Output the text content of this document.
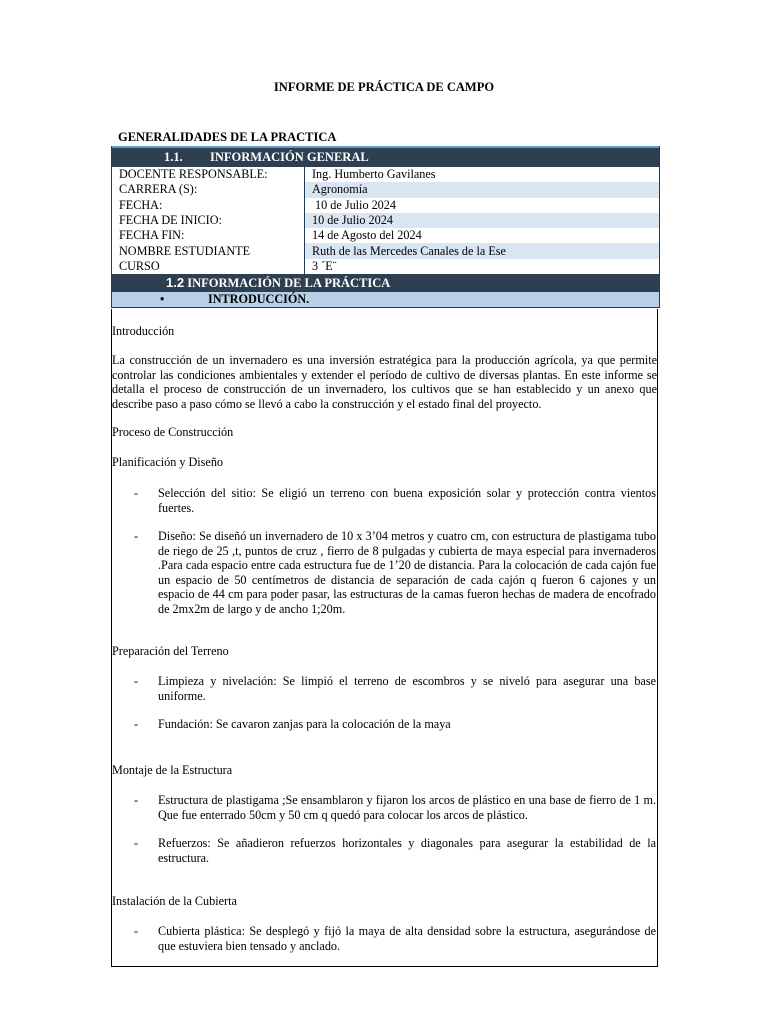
INFORME DE PRÁCTICA DE CAMPO
GENERALIDADES DE LA PRACTICA
1.1. INFORMACIÓN GENERAL
DOCENTE RESPONSABLE:	Ing. Humberto Gavilanes
CARRERA (S):	Agronomía
FECHA:	10 de Julio 2024
FECHA DE INICIO:	10 de Julio 2024
FECHA FIN:	14 de Agosto del 2024
NOMBRE ESTUDIANTE	Ruth de las Mercedes Canales de la Ese
CURSO	3 ´E¨
1.2 INFORMACIÓN DE LA PRÁCTICA
•	INTRODUCCIÓN.

Introducción

La construcción de un invernadero es una inversión estratégica para la producción agrícola, ya que permite controlar las condiciones ambientales y extender el período de cultivo de diversas plantas. En este informe se detalla el proceso de construcción de un invernadero, los cultivos que se han establecido y un anexo que describe paso a paso cómo se llevó a cabo la construcción y el estado final del proyecto.

Proceso de Construcción

Planificación y Diseño

- Selección del sitio: Se eligió un terreno con buena exposición solar y protección contra vientos fuertes.

- Diseño: Se diseñó un invernadero de 10 x 3’04 metros y cuatro cm, con estructura de plastigama tubo de riego de 25 ,t, puntos de cruz , fierro de 8 pulgadas y cubierta de maya especial para invernaderos .Para cada espacio entre cada estructura fue de 1’20 de distancia. Para la colocación de cada cajón fue un espacio de 50 centímetros de distancia de separación de cada cajón q fueron 6 cajones y un espacio de 44 cm para poder pasar, las estructuras de la camas fueron hechas de madera de encofrado de 2mx2m de largo y de ancho 1;20m.

Preparación del Terreno

- Limpieza y nivelación: Se limpió el terreno de escombros y se niveló para asegurar una base uniforme.

- Fundación: Se cavaron zanjas para la colocación de la maya

Montaje de la Estructura

- Estructura de plastigama ;Se ensamblaron y fijaron los arcos de plástico en una base de fierro de 1 m. Que fue enterrado 50cm y 50 cm q quedó para colocar los arcos de plástico.

- Refuerzos: Se añadieron refuerzos horizontales y diagonales para asegurar la estabilidad de la estructura.

Instalación de la Cubierta

- Cubierta plástica: Se desplegó y fijó la maya de alta densidad sobre la estructura, asegurándose de que estuviera bien tensado y anclado.
